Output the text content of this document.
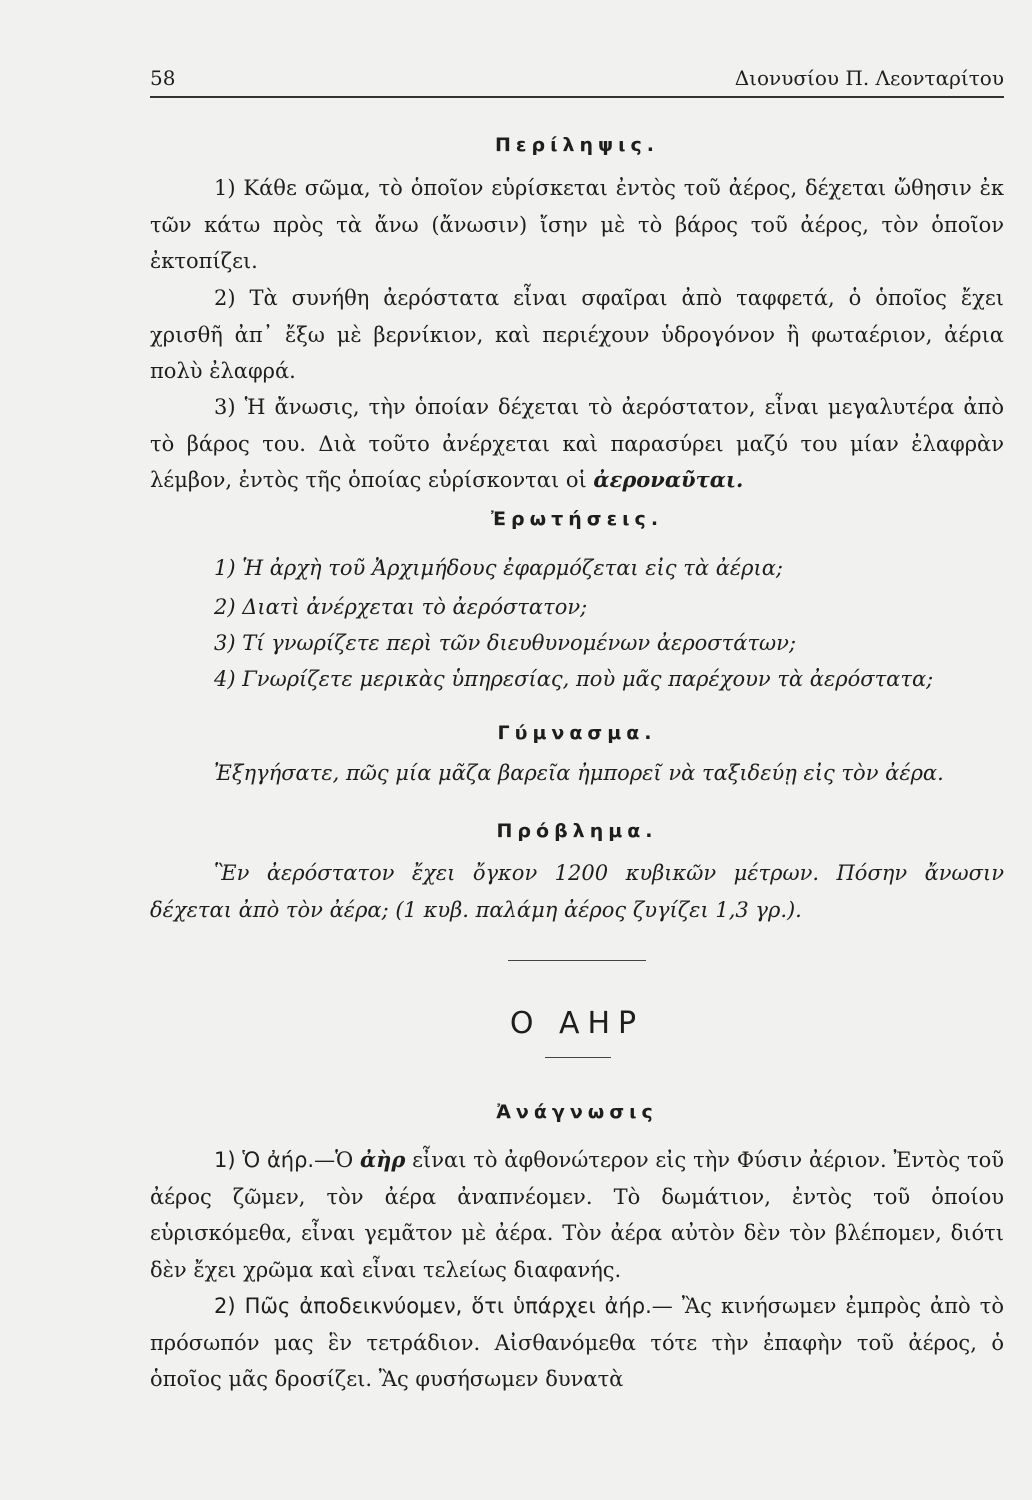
58	Διονυσίου Π. Λεονταρίτου
Περίληψις.

1) Κάθε σῶμα, τὸ ὁποῖον εὑρίσκεται ἐντὸς τοῦ ἀέρος, δέχεται ὤθησιν ἐκ τῶν κάτω πρὸς τὰ ἄνω (ἄνωσιν) ἴσην μὲ τὸ βάρος τοῦ ἀέρος, τὸν ὁποῖον ἐκτοπίζει.

2) Τὰ συνήθη ἀερόστατα εἶναι σφαῖραι ἀπὸ ταφφετά, ὁ ὁποῖος ἔχει χρισθῆ ἀπ᾽ ἔξω μὲ βερνίκιον, καὶ περιέχουν ὑδρογόνον ἢ φωταέριον, ἀέρια πολὺ ἐλαφρά.

3) Ἡ ἄνωσις, τὴν ὁποίαν δέχεται τὸ ἀερόστατον, εἶναι μεγαλυτέρα ἀπὸ τὸ βάρος του. Διὰ τοῦτο ἀνέρχεται καὶ παρασύρει μαζύ του μίαν ἐλαφρὰν λέμβον, ἐντὸς τῆς ὁποίας εὑρίσκονται οἱ ἀεροναῦται.

Ἐρωτήσεις.

1) Ἡ ἀρχὴ τοῦ Ἀρχιμήδους ἐφαρμόζεται εἰς τὰ ἀέρια;

2) Διατὶ ἀνέρχεται τὸ ἀερόστατον;

3) Τί γνωρίζετε περὶ τῶν διευθυνομένων ἀεροστάτων;

4) Γνωρίζετε μερικὰς ὑπηρεσίας, ποὺ μᾶς παρέχουν τὰ ἀερόστατα;

Γύμνασμα.

Ἐξηγήσατε, πῶς μία μᾶζα βαρεῖα ἠμπορεῖ νὰ ταξιδεύῃ εἰς τὸν ἀέρα.

Πρόβλημα.

Ἓν ἀερόστατον ἔχει ὄγκον 1200 κυβικῶν μέτρων. Πόσην ἄνωσιν δέχεται ἀπὸ τὸν ἀέρα; (1 κυβ. παλάμη ἀέρος ζυγίζει 1,3 γρ.).

Ο ΑΗΡ
Ἀνάγνωσις

1) Ὁ ἀήρ.—Ὁ ἀὴρ εἶναι τὸ ἀφθονώτερον εἰς τὴν Φύσιν ἀέριον. Ἐντὸς τοῦ ἀέρος ζῶμεν, τὸν ἀέρα ἀναπνέομεν. Τὸ δωμάτιον, ἐντὸς τοῦ ὁποίου εὑρισκόμεθα, εἶναι γεμᾶτον μὲ ἀέρα. Τὸν ἀέρα αὐτὸν δὲν τὸν βλέπομεν, διότι δὲν ἔχει χρῶμα καὶ εἶναι τελείως διαφανής.

2) Πῶς ἀποδεικνύομεν, ὅτι ὑπάρχει ἀήρ.— Ἂς κινήσωμεν ἐμπρὸς ἀπὸ τὸ πρόσωπόν μας ἓν τετράδιον. Αἰσθανόμεθα τότε τὴν ἐπαφὴν τοῦ ἀέρος, ὁ ὁποῖος μᾶς δροσίζει. Ἂς φυσήσωμεν δυνατὰ
